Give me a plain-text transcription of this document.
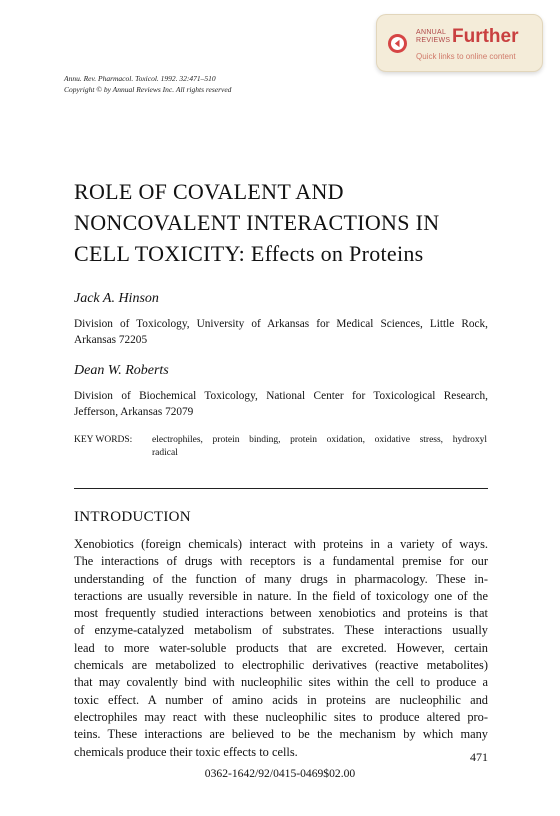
ANNUAL
REVIEWS Further
Quick links to online content
Annu. Rev. Pharmacol. Toxicol. 1992. 32:471–510
Copyright © by Annual Reviews Inc. All rights reserved
ROLE OF COVALENT AND
NONCOVALENT INTERACTIONS IN
CELL TOXICITY: Effects on Proteins
Jack A. Hinson
Division of Toxicology, University of Arkansas for Medical Sciences, Little Rock,
Arkansas 72205
Dean W. Roberts
Division of Biochemical Toxicology, National Center for Toxicological Research,
Jefferson, Arkansas 72079
KEY WORDS: electrophiles, protein binding, protein oxidation, oxidative stress, hydroxyl
radical
INTRODUCTION
Xenobiotics (foreign chemicals) interact with proteins in a variety of ways.
The interactions of drugs with receptors is a fundamental premise for our
understanding of the function of many drugs in pharmacology. These in-
teractions are usually reversible in nature. In the field of toxicology one of the
most frequently studied interactions between xenobiotics and proteins is that
of enzyme-catalyzed metabolism of substrates. These interactions usually
lead to more water-soluble products that are excreted. However, certain
chemicals are metabolized to electrophilic derivatives (reactive metabolites)
that may covalently bind with nucleophilic sites within the cell to produce a
toxic effect. A number of amino acids in proteins are nucleophilic and
electrophiles may react with these nucleophilic sites to produce altered pro-
teins. These interactions are believed to be the mechanism by which many
chemicals produce their toxic effects to cells.	471
0362-1642/92/0415-0469$02.00
